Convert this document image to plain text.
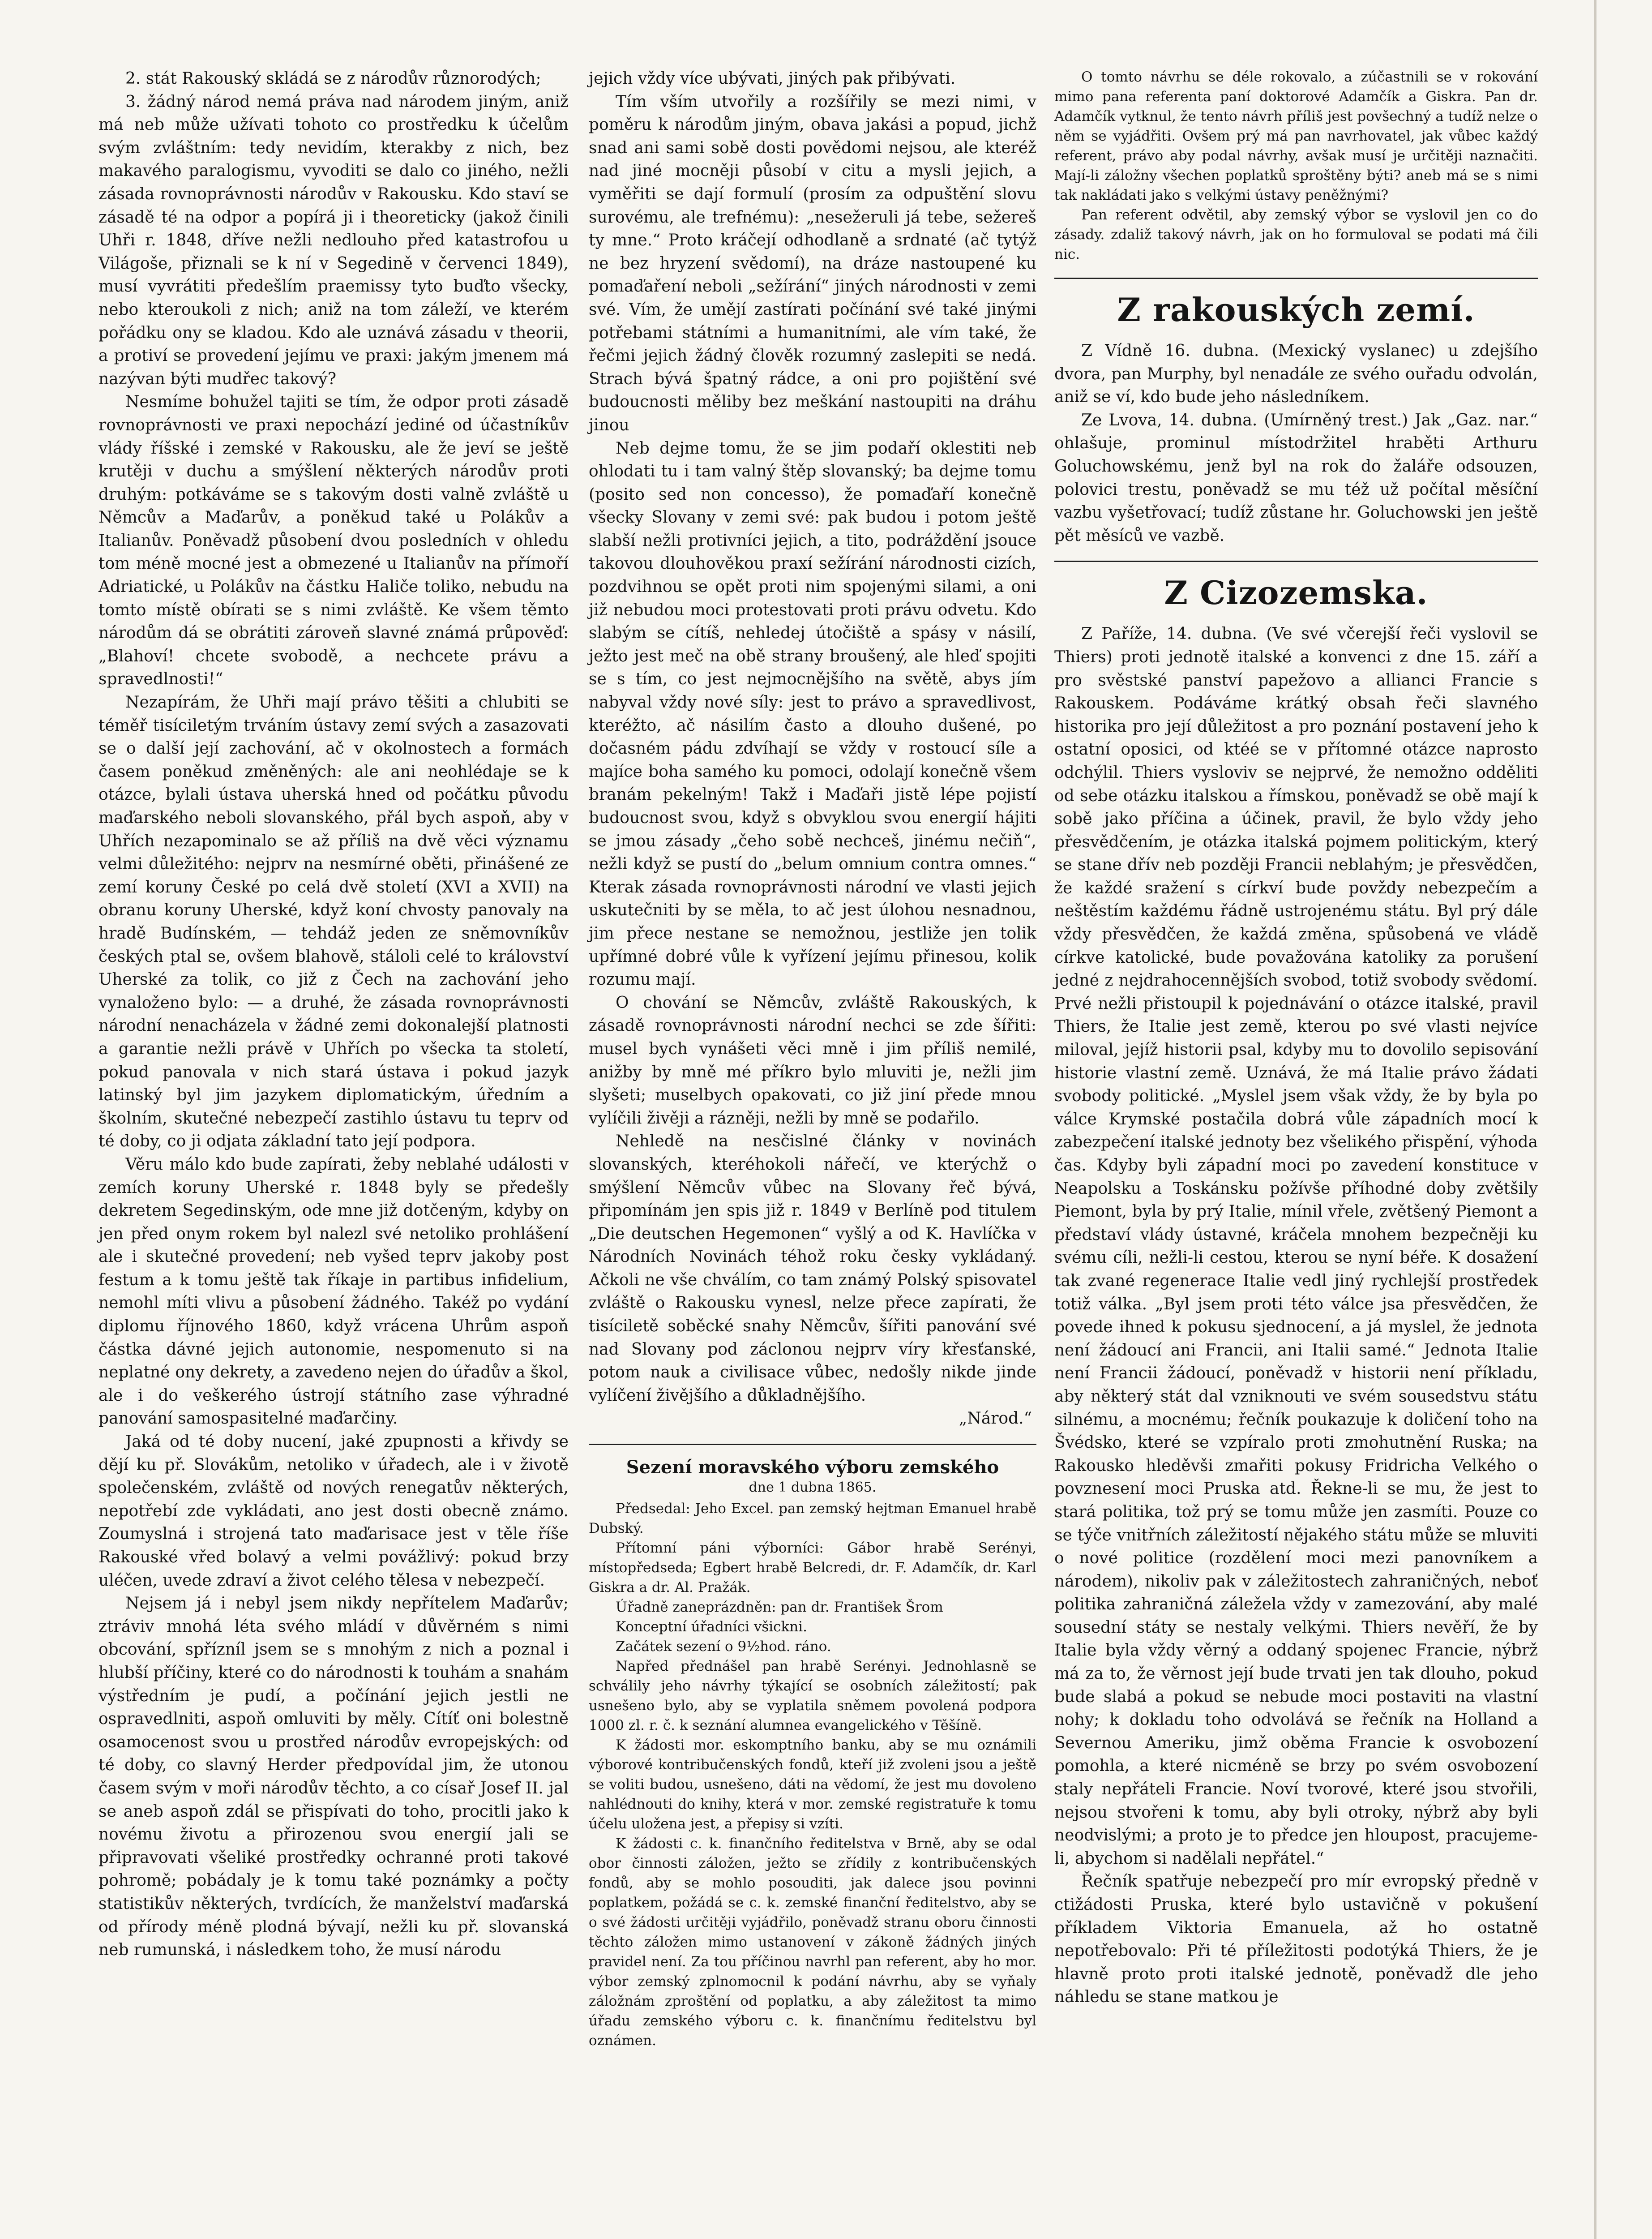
2. stát Rakouský skládá se z národův různorodých;

3. žádný národ nemá práva nad národem jiným, aniž má neb může užívati tohoto co prostředku k účelům svým zvláštním: tedy nevidím, kterakby z nich, bez makavého paralogismu, vyvoditi se dalo co jiného, nežli zásada rovnoprávnosti národův v Rakousku. Kdo staví se zásadě té na odpor a popírá ji i theoreticky (jakož činili Uhři r. 1848, dříve nežli nedlouho před katastrofou u Világoše, přiznali se k ní v Segedině v červenci 1849), musí vyvrátiti předešlím praemissy tyto buďto všecky, nebo kteroukoli z nich; aniž na tom záleží, ve kterém pořádku ony se kladou. Kdo ale uznává zásadu v theorii, a protiví se provedení jejímu ve praxi: jakým jmenem má nazývan býti mudřec takový?

Nesmíme bohužel tajiti se tím, že odpor proti zásadě rovnoprávnosti ve praxi nepochází jediné od účastníkův vlády říšské i zemské v Rakousku, ale že jeví se ještě krutěji v duchu a smýšlení některých národův proti druhým: potkáváme se s takovým dosti valně zvláště u Němcův a Maďarův, a poněkud také u Polákův a Italianův. Poněvadž působení dvou posledních v ohledu tom méně mocné jest a obmezené u Italianův na přímoří Adriatické, u Polákův na částku Haliče toliko, nebudu na tomto místě obírati se s nimi zvláště. Ke všem těmto národům dá se obrátiti zároveň slavné známá průpověď: „Blahoví! chcete svobodě, a nechcete právu a spravedlnosti!“

Nezapírám, že Uhři mají právo těšiti a chlubiti se téměř tisíciletým trváním ústavy zemí svých a zasazovati se o další její zachování, ač v okolnostech a formách časem poněkud změněných: ale ani neohlédaje se k otázce, bylali ústava uherská hned od počátku původu maďarského neboli slovanského, přál bych aspoň, aby v Uhřích nezapominalo se až příliš na dvě věci významu velmi důležitého: nejprv na nesmírné oběti, přinášené ze zemí koruny České po celá dvě století (XVI a XVII) na obranu koruny Uherské, když koní chvosty panovaly na hradě Budínském, — tehdáž jeden ze sněmovníkův českých ptal se, ovšem blahově, stáloli celé to království Uherské za tolik, co již z Čech na zachování jeho vynaloženo bylo: — a druhé, že zásada rovnoprávnosti národní nenacházela v žádné zemi dokonalejší platnosti a garantie nežli právě v Uhřích po všecka ta století, pokud panovala v nich stará ústava i pokud jazyk latinský byl jim jazykem diplomatickým, úředním a školním, skutečné nebezpečí zastihlo ústavu tu teprv od té doby, co ji odjata základní tato její podpora.

Věru málo kdo bude zapírati, žeby neblahé události v zemích koruny Uherské r. 1848 byly se předešly dekretem Segedinským, ode mne již dotčeným, kdyby on jen před onym rokem byl nalezl své netoliko prohlášení ale i skutečné provedení; neb vyšed teprv jakoby post festum a k tomu ještě tak říkaje in partibus infidelium, nemohl míti vlivu a působení žádného. Takéž po vydání diplomu říjnového 1860, když vrácena Uhrům aspoň částka dávné jejich autonomie, nespomenuto si na neplatné ony dekrety, a zavedeno nejen do úřadův a škol, ale i do veškerého ústrojí státního zase výhradné panování samospasitelné maďarčiny.

Jaká od té doby nucení, jaké zpupnosti a křivdy se dějí ku př. Slovákům, netoliko v úřadech, ale i v životě společenském, zvláště od nových renegatův některých, nepotřebí zde vykládati, ano jest dosti obecně známo. Zoumyslná i strojená tato maďarisace jest v těle říše Rakouské vřed bolavý a velmi povážlivý: pokud brzy uléčen, uvede zdraví a život celého tělesa v nebezpečí.

Nejsem já i nebyl jsem nikdy nepřítelem Maďarův; ztráviv mnohá léta svého mládí v důvěrném s nimi obcování, spřízníl jsem se s mnohým z nich a poznal i hlubší příčiny, které co do národnosti k touhám a snahám výstředním je pudí, a počínání jejich jestli ne ospravedlniti, aspoň omluviti by měly. Cítíť oni bolestně osamocenost svou u prostřed národův evropejských: od té doby, co slavný Herder předpovídal jim, že utonou časem svým v moři národův těchto, a co císař Josef II. jal se aneb aspoň zdál se přispívati do toho, procitli jako k novému životu a přirozenou svou energií jali se připravovati všeliké prostředky ochranné proti takové pohromě; pobádaly je k tomu také poznámky a počty statistikův některých, tvrdících, že manželství maďarská od přírody méně plodná bývají, nežli ku př. slovanská neb rumunská, i následkem toho, že musí národu

jejich vždy více ubývati, jiných pak přibývati.

Tím vším utvořily a rozšířily se mezi nimi, v poměru k národům jiným, obava jakási a popud, jichž snad ani sami sobě dosti povědomi nejsou, ale kteréž nad jiné mocněji působí v citu a mysli jejich, a vyměřiti se dají formulí (prosím za odpuštění slovu surovému, ale trefnému): „nesežeruli já tebe, sežereš ty mne.“ Proto kráčejí odhodlaně a srdnaté (ač tytýž ne bez hryzení svědomí), na dráze nastoupené ku pomaďaření neboli „sežírání“ jiných národnosti v zemi své. Vím, že umějí zastírati počínání své také jinými potřebami státními a humanitními, ale vím také, že řečmi jejich žádný člověk rozumný zaslepiti se nedá. Strach bývá špatný rádce, a oni pro pojištění své budoucnosti měliby bez meškání nastoupiti na dráhu jinou

Neb dejme tomu, že se jim podaří oklestiti neb ohlodati tu i tam valný štěp slovanský; ba dejme tomu (posito sed non concesso), že pomaďaří konečně všecky Slovany v zemi své: pak budou i potom ještě slabší nežli protivníci jejich, a tito, podráždění jsouce takovou dlouhověkou praxí sežírání národnosti cizích, pozdvihnou se opět proti nim spojenými silami, a oni již nebudou moci protestovati proti právu odvetu. Kdo slabým se cítíš, nehledej útočiště a spásy v násilí, ježto jest meč na obě strany broušený, ale hleď spojiti se s tím, co jest nejmocnějšího na světě, abys jím nabyval vždy nové síly: jest to právo a spravedlivost, kteréžto, ač násilím často a dlouho dušené, po dočasném pádu zdvíhají se vždy v rostoucí síle a majíce boha samého ku pomoci, odolají konečně všem branám pekelným! Takž i Maďaři jistě lépe pojistí budoucnost svou, když s obvyklou svou energií hájiti se jmou zásady „čeho sobě nechceš, jinému nečiň“, nežli když se pustí do „belum omnium contra omnes.“ Kterak zásada rovnoprávnosti národní ve vlasti jejich uskutečniti by se měla, to ač jest úlohou nesnadnou, jim přece nestane se nemožnou, jestliže jen tolik upřímné dobré vůle k vyřízení jejímu přinesou, kolik rozumu mají.

O chování se Němcův, zvláště Rakouských, k zásadě rovnoprávnosti národní nechci se zde šířiti: musel bych vynášeti věci mně i jim příliš nemilé, anižby by mně mé příkro bylo mluviti je, nežli jim slyšeti; muselbych opakovati, co již jiní přede mnou vylíčili živěji a rázněji, nežli by mně se podařilo.

Nehledě na nesčislné články v novinách slovanských, kteréhokoli nářečí, ve kterýchž o smýšlení Němcův vůbec na Slovany řeč bývá, připomínám jen spis již r. 1849 v Berlíně pod titulem „Die deutschen Hegemonen“ vyšlý a od K. Havlíčka v Národních Novinách téhož roku česky vykládaný. Ačkoli ne vše chválím, co tam známý Polský spisovatel zvláště o Rakousku vynesl, nelze přece zapírati, že tisíciletě soběcké snahy Němcův, šířiti panování své nad Slovany pod záclonou nejprv víry křesťanské, potom nauk a civilisace vůbec, nedošly nikde jinde vylíčení živějšího a důkladnějšího.

„Národ.“

Sezení moravského výboru zemského
dne 1 dubna 1865.

Předsedal: Jeho Excel. pan zemský hejtman Emanuel hrabě Dubský.

Přítomní páni výborníci: Gábor hrabě Serényi, místopředseda; Egbert hrabě Belcredi, dr. F. Adamčík, dr. Karl Giskra a dr. Al. Pražák.

Úřadně zaneprázdněn: pan dr. František Šrom

Konceptní úřadníci všickni.

Začátek sezení o 9½hod. ráno.

Napřed přednášel pan hrabě Serényi. Jednohlasně se schválily jeho návrhy týkající se osobních záležitostí; pak usnešeno bylo, aby se vyplatila sněmem povolená podpora 1000 zl. r. č. k seznání alumnea evangelického v Těšíně.

K žádosti mor. eskomptního banku, aby se mu oznámili výborové kontribučenských fondů, kteří již zvoleni jsou a ještě se voliti budou, usnešeno, dáti na vědomí, že jest mu dovoleno nahlédnouti do knihy, která v mor. zemské registratuře k tomu účelu uložena jest, a přepisy si vzíti.

K žádosti c. k. finančního ředitelstva v Brně, aby se odal obor činnosti záložen, ježto se zřídily z kontribučenských fondů, aby se mohlo posouditi, jak dalece jsou povinni poplatkem, požádá se c. k. zemské finanční ředitelstvo, aby se o své žádosti určitěji vyjádřilo, poněvadž stranu oboru činnosti těchto záložen mimo ustanovení v zákoně žádných jiných pravidel není. Za tou příčinou navrhl pan referent, aby ho mor. výbor zemský zplnomocnil k podání návrhu, aby se vyňaly záložnám zproštění od poplatku, a aby záležitost ta mimo úřadu zemského výboru c. k. finančnímu ředitelstvu byl oznámen.

O tomto návrhu se déle rokovalo, a zúčastnili se v rokování mimo pana referenta paní doktorové Adamčík a Giskra. Pan dr. Adamčík vytknul, že tento návrh příliš jest povšechný a tudíž nelze o něm se vyjádřiti. Ovšem prý má pan navrhovatel, jak vůbec každý referent, právo aby podal návrhy, avšak musí je určitěji naznačiti. Mají-li záložny všechen poplatků sproštěny býti? aneb má se s nimi tak nakládati jako s velkými ústavy peněžnými?

Pan referent odvětil, aby zemský výbor se vyslovil jen co do zásady. zdaliž takový návrh, jak on ho formuloval se podati má čili nic.

Z rakouských zemí.

Z Vídně 16. dubna. (Mexický vyslanec) u zdejšího dvora, pan Murphy, byl nenadále ze svého ouřadu odvolán, aniž se ví, kdo bude jeho následníkem.

Ze Lvova, 14. dubna. (Umírněný trest.) Jak „Gaz. nar.“ ohlašuje, prominul místodržitel hraběti Arthuru Goluchowskému, jenž byl na rok do žaláře odsouzen, polovici trestu, poněvadž se mu též už počítal měsíční vazbu vyšetřovací; tudíž zůstane hr. Goluchowski jen ještě pět měsíců ve vazbě.

Z Cizozemska.

Z Paříže, 14. dubna. (Ve své včerejší řeči vyslovil se Thiers) proti jednotě italské a konvenci z dne 15. září a pro svěstské panství papežovo a allianci Francie s Rakouskem. Podáváme krátký obsah řeči slavného historika pro její důležitost a pro poznání postavení jeho k ostatní oposici, od ktéé se v přítomné otázce naprosto odchýlil. Thiers vysloviv se nejprvé, že nemožno odděliti od sebe otázku italskou a římskou, poněvadž se obě mají k sobě jako příčina a účinek, pravil, že bylo vždy jeho přesvědčením, je otázka italská pojmem politickým, který se stane dřív neb později Francii neblahým; je přesvědčen, že každé sražení s církví bude povždy nebezpečím a neštěstím každému řádně ustrojenému státu. Byl prý dále vždy přesvědčen, že každá změna, spůsobená ve vládě církve katolické, bude považována katoliky za porušení jedné z nejdrahocennějších svobod, totiž svobody svědomí. Prvé nežli přistoupil k pojednávání o otázce italské, pravil Thiers, že Italie jest země, kterou po své vlasti nejvíce miloval, jejíž historii psal, kdyby mu to dovolilo sepisování historie vlastní země. Uznává, že má Italie právo žádati svobody politické. „Myslel jsem však vždy, že by byla po válce Krymské postačila dobrá vůle západních mocí k zabezpečení italské jednoty bez všelikého přispění, výhoda čas. Kdyby byli západní moci po zavedení konstituce v Neapolsku a Toskánsku požívše příhodné doby zvětšily Piemont, byla by prý Italie, mínil vřele, zvětšený Piemont a představí vlády ústavné, kráčela mnohem bezpečněji ku svému cíli, nežli-li cestou, kterou se nyní béře. K dosažení tak zvané regenerace Italie vedl jiný rychlejší prostředek totiž válka. „Byl jsem proti této válce jsa přesvědčen, že povede ihned k pokusu sjednocení, a já myslel, že jednota není žádoucí ani Francii, ani Italii samé.“ Jednota Italie není Francii žádoucí, poněvadž v historii není příkladu, aby některý stát dal vzniknouti ve svém sousedstvu státu silnému, a mocnému; řečník poukazuje k doličení toho na Švédsko, které se vzpíralo proti zmohutnění Ruska; na Rakousko hleděvši zmařiti pokusy Fridricha Velkého o povznesení moci Pruska atd. Řekne-li se mu, že jest to stará politika, tož prý se tomu může jen zasmíti. Pouze co se týče vnitřních záležitostí nějakého státu může se mluviti o nové politice (rozdělení moci mezi panovníkem a národem), nikoliv pak v záležitostech zahraničných, neboť politika zahraničná záležela vždy v zamezování, aby malé sousední státy se nestaly velkými. Thiers nevěří, že by Italie byla vždy věrný a oddaný spojenec Francie, nýbrž má za to, že věrnost její bude trvati jen tak dlouho, pokud bude slabá a pokud se nebude moci postaviti na vlastní nohy; k dokladu toho odvolává se řečník na Holland a Severnou Ameriku, jimž oběma Francie k osvobození pomohla, a které nicméně se brzy po svém osvobození staly nepřáteli Francie. Noví tvorové, které jsou stvořili, nejsou stvořeni k tomu, aby byli otroky, nýbrž aby byli neodvislými; a proto je to předce jen hloupost, pracujeme-li, abychom si nadělali nepřátel.“

Řečník spatřuje nebezpečí pro mír evropský předně v ctižádosti Pruska, které bylo ustavičně v pokušení příkladem Viktoria Emanuela, až ho ostatně nepotřebovalo: Při té příležitosti podotýká Thiers, že je hlavně proto proti italské jednotě, poněvadž dle jeho náhledu se stane matkou je
